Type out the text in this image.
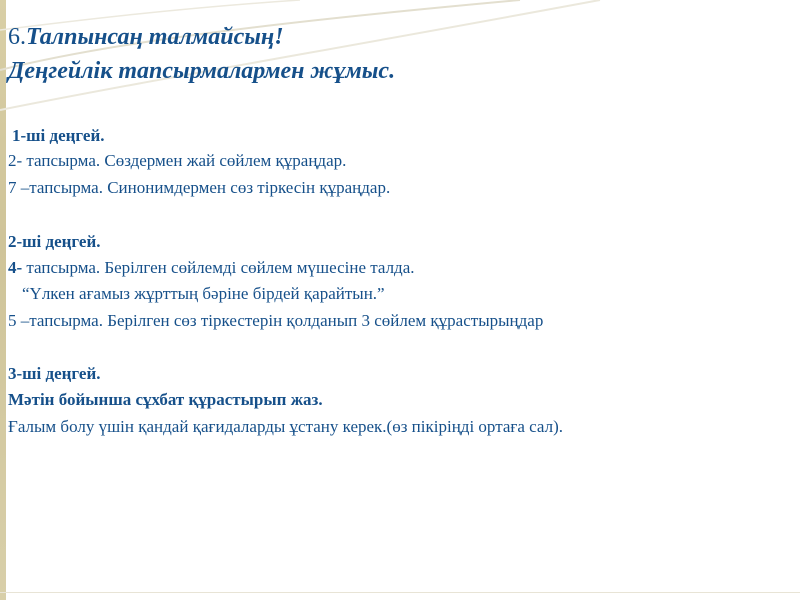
6.Талпынсаң талмайсың!
Деңгейлік тапсырмалармен жұмыс.
1-ші деңгей.
2- тапсырма. Сөздермен жай сөйлем құраңдар.
7 –тапсырма. Синонимдермен сөз тіркесін құраңдар.
2-ші деңгей.
4- тапсырма. Берілген сөйлемді сөйлем мүшесіне талда.
“Үлкен ағамыз жұрттың бәріне бірдей қарайтын.”
5 –тапсырма. Берілген сөз тіркестерін қолданып 3 сөйлем құрастырыңдар
3-ші деңгей.
Мәтін бойынша сұхбат құрастырып жаз.
Ғалым болу үшін қандай қағидаларды ұстану керек.(өз пікіріңді ортаға сал).
